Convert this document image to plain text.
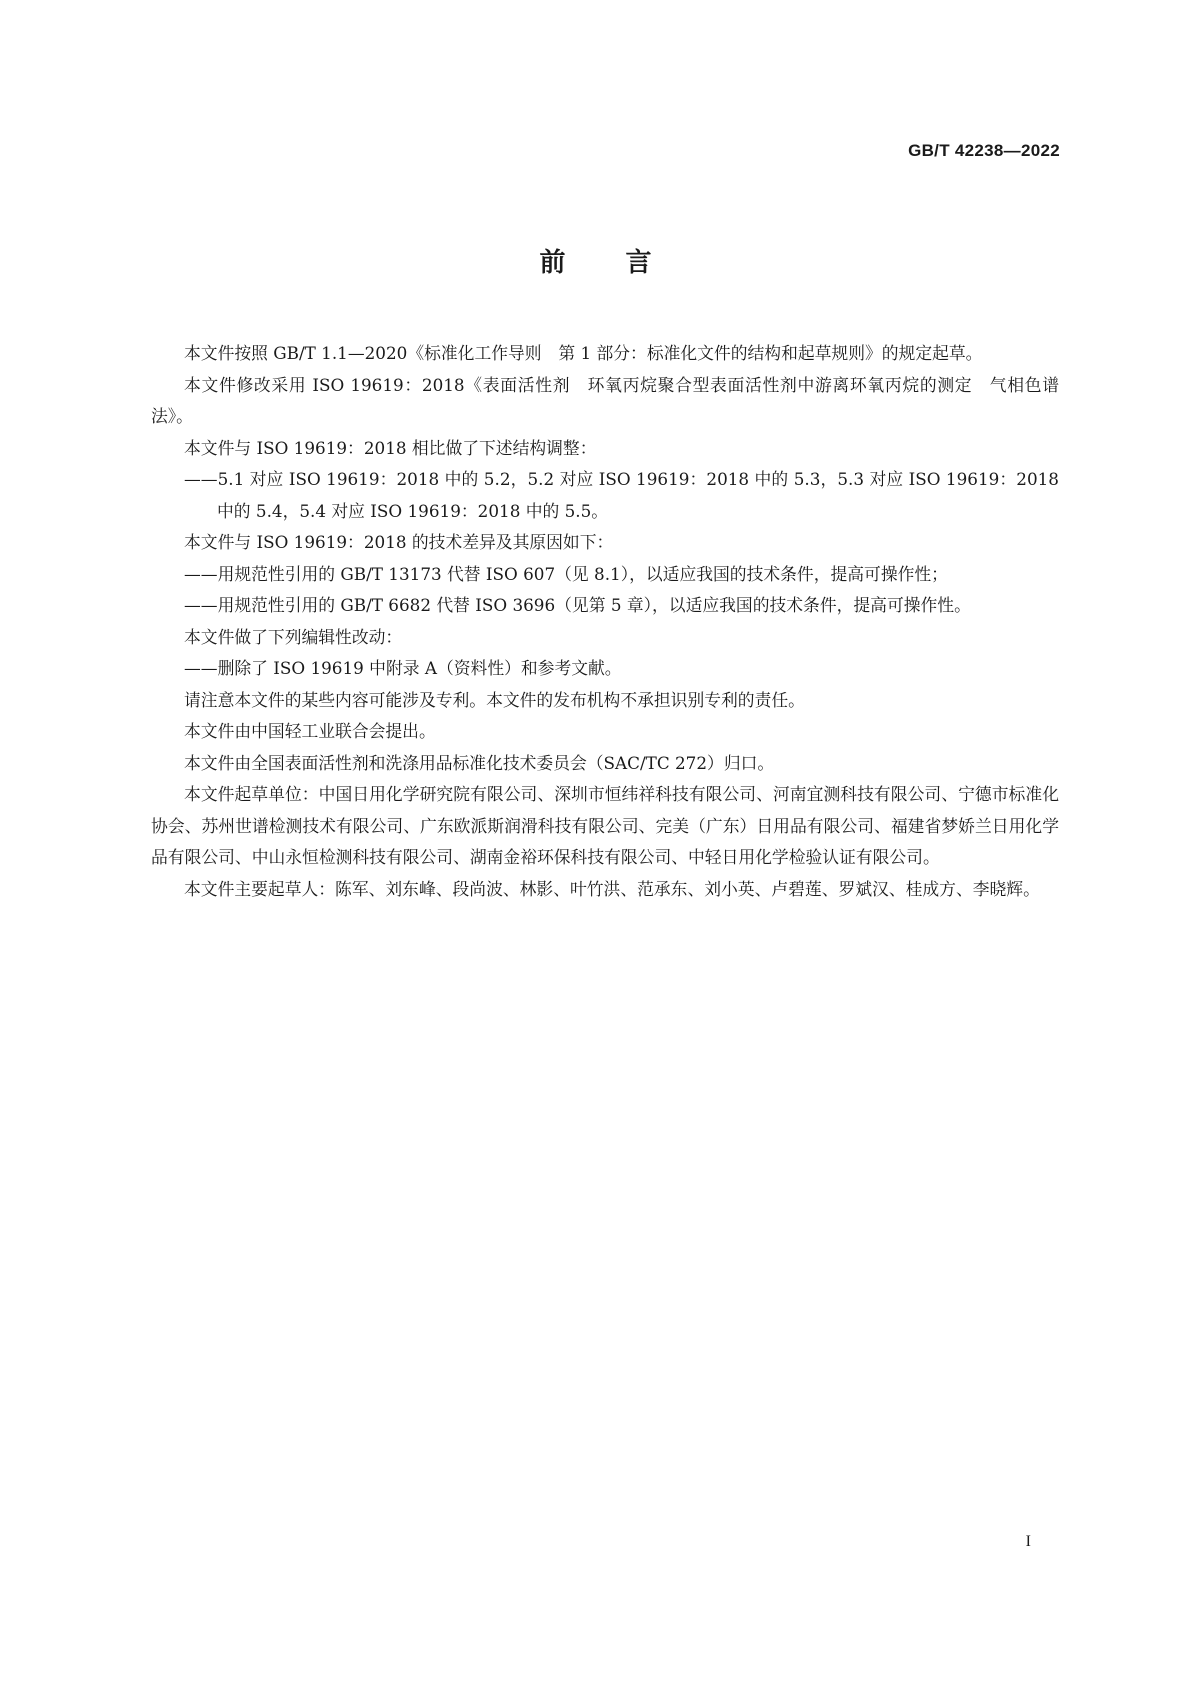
GB/T 42238—2022
前言

本文件按照 GB/T 1.1—2020《标准化工作导则　第 1 部分：标准化文件的结构和起草规则》的规定起草。

本文件修改采用 ISO 19619：2018《表面活性剂　环氧丙烷聚合型表面活性剂中游离环氧丙烷的测定　气相色谱法》。

本文件与 ISO 19619：2018 相比做了下述结构调整：

——5.1 对应 ISO 19619：2018 中的 5.2，5.2 对应 ISO 19619：2018 中的 5.3，5.3 对应 ISO 19619：2018 中的 5.4，5.4 对应 ISO 19619：2018 中的 5.5。

本文件与 ISO 19619：2018 的技术差异及其原因如下：

——用规范性引用的 GB/T 13173 代替 ISO 607（见 8.1），以适应我国的技术条件，提高可操作性；

——用规范性引用的 GB/T 6682 代替 ISO 3696（见第 5 章），以适应我国的技术条件，提高可操作性。

本文件做了下列编辑性改动：

——删除了 ISO 19619 中附录 A（资料性）和参考文献。

请注意本文件的某些内容可能涉及专利。本文件的发布机构不承担识别专利的责任。

本文件由中国轻工业联合会提出。

本文件由全国表面活性剂和洗涤用品标准化技术委员会（SAC/TC 272）归口。

本文件起草单位：中国日用化学研究院有限公司、深圳市恒纬祥科技有限公司、河南宜测科技有限公司、宁德市标准化协会、苏州世谱检测技术有限公司、广东欧派斯润滑科技有限公司、完美（广东）日用品有限公司、福建省梦娇兰日用化学品有限公司、中山永恒检测科技有限公司、湖南金裕环保科技有限公司、中轻日用化学检验认证有限公司。

本文件主要起草人：陈军、刘东峰、段尚波、林影、叶竹洪、范承东、刘小英、卢碧莲、罗斌汉、桂成方、李晓辉。

I
